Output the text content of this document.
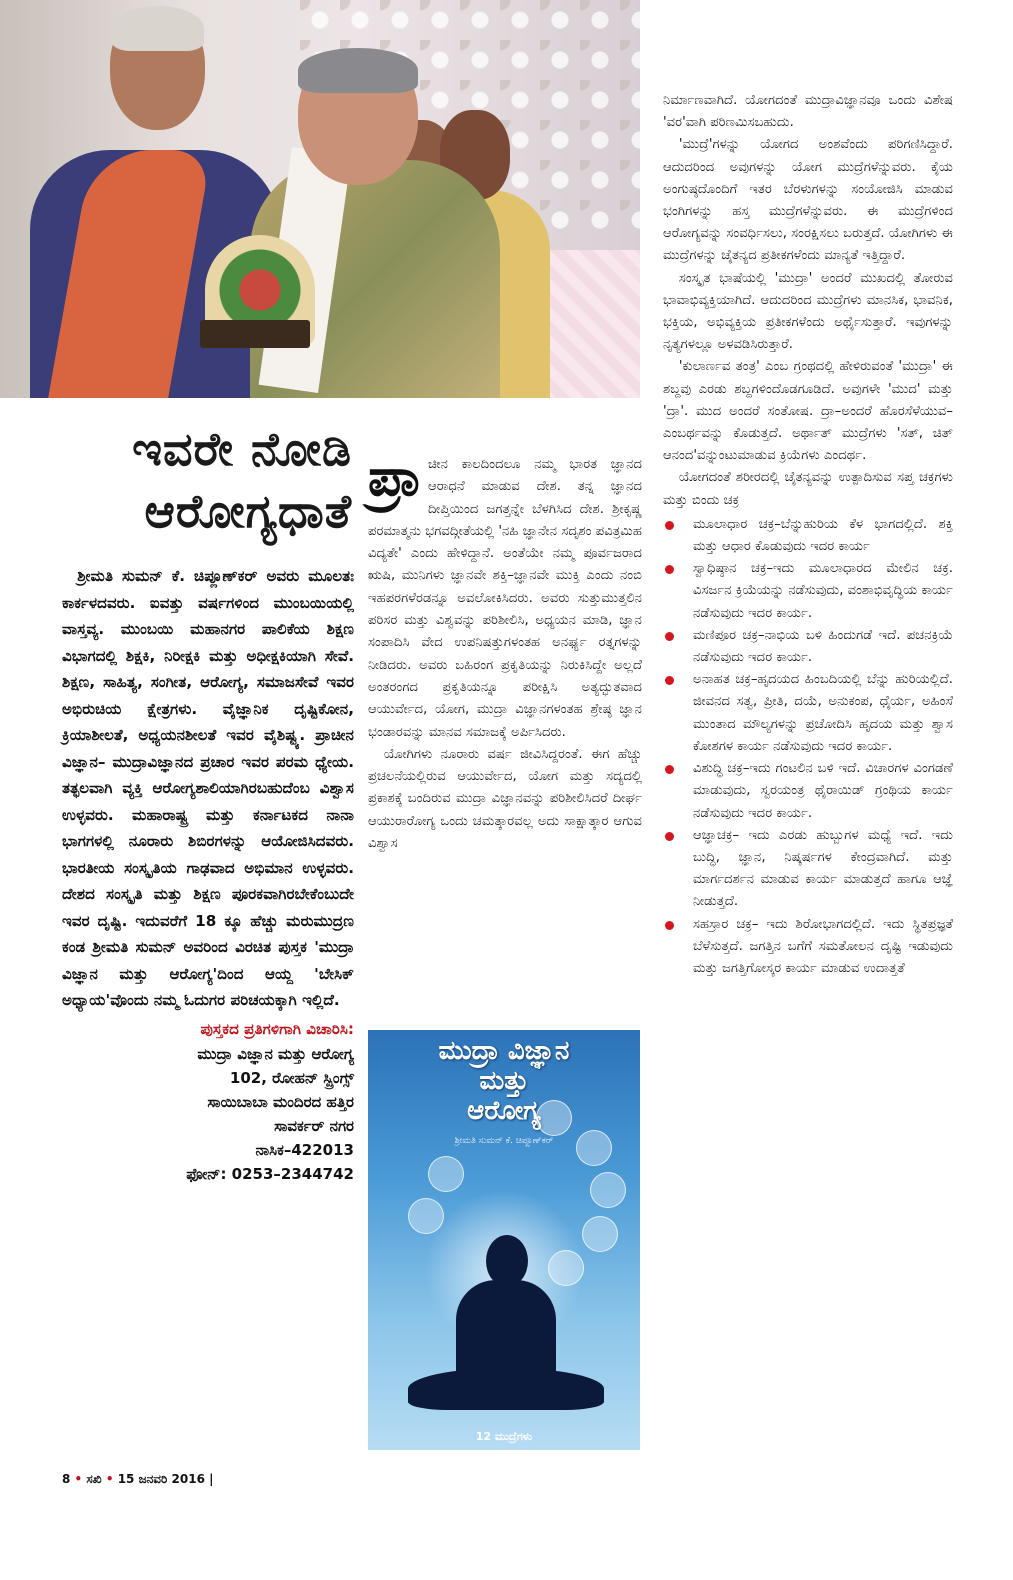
ಇವರೇ ನೋಡಿ
ಆರೋಗ್ಯಧಾತೆ

ಶ್ರೀಮತಿ ಸುಮನ್ ಕೆ. ಚಿಪ್ಲೂಣ್‌ಕರ್ ಅವರು ಮೂಲತಃ ಕಾರ್ಕಳದವರು. ಐವತ್ತು ವರ್ಷಗಳಿಂದ ಮುಂಬಯಿಯಲ್ಲಿ ವಾಸ್ತವ್ಯ. ಮುಂಬಯಿ ಮಹಾನಗರ ಪಾಲಿಕೆಯ ಶಿಕ್ಷಣ ವಿಭಾಗದಲ್ಲಿ ಶಿಕ್ಷಕಿ, ನಿರೀಕ್ಷಕಿ ಮತ್ತು ಅಧೀಕ್ಷಕಿಯಾಗಿ ಸೇವೆ. ಶಿಕ್ಷಣ, ಸಾಹಿತ್ಯ, ಸಂಗೀತ, ಆರೋಗ್ಯ, ಸಮಾಜಸೇವೆ ಇವರ ಅಭಿರುಚಿಯ ಕ್ಷೇತ್ರಗಳು. ವೈಜ್ಞಾನಿಕ ದೃಷ್ಟಿಕೋನ, ಕ್ರಿಯಾಶೀಲತೆ, ಅಧ್ಯಯನಶೀಲತೆ ಇವರ ವೈಶಿಷ್ಟ್ಯ. ಪ್ರಾಚೀನ ವಿಜ್ಞಾನ– ಮುದ್ರಾವಿಜ್ಞಾನದ ಪ್ರಚಾರ ಇವರ ಪರಮ ಧ್ಯೇಯ. ತತ್ಫಲವಾಗಿ ವ್ಯಕ್ತಿ ಆರೋಗ್ಯಶಾಲಿಯಾಗಿರಬಹುದೆಂಬ ವಿಶ್ವಾಸ ಉಳ್ಳವರು. ಮಹಾರಾಷ್ಟ್ರ ಮತ್ತು ಕರ್ನಾಟಕದ ನಾನಾ ಭಾಗಗಳಲ್ಲಿ ನೂರಾರು ಶಿಬಿರಗಳನ್ನು ಆಯೋಜಿಸಿದವರು. ಭಾರತೀಯ ಸಂಸ್ಕೃತಿಯ ಗಾಢವಾದ ಅಭಿಮಾನ ಉಳ್ಳವರು. ದೇಶದ ಸಂಸ್ಕೃತಿ ಮತ್ತು ಶಿಕ್ಷಣ ಪೂರಕವಾಗಿರಬೇಕೆಂಬುದೇ ಇವರ ದೃಷ್ಟಿ. ಇದುವರೆಗೆ 18 ಕ್ಕೂ ಹೆಚ್ಚು ಮರುಮುದ್ರಣ ಕಂಡ ಶ್ರೀಮತಿ ಸುಮನ್ ಅವರಿಂದ ವಿರಚಿತ ಪುಸ್ತಕ 'ಮುದ್ರಾ ವಿಜ್ಞಾನ ಮತ್ತು ಆರೋಗ್ಯ'ದಿಂದ ಆಯ್ದ 'ಬೇಸಿಕ್ ಅಧ್ಯಾಯ'ವೊಂದು ನಮ್ಮ ಓದುಗರ ಪರಿಚಯಕ್ಕಾಗಿ ಇಲ್ಲಿದೆ.

ಪುಸ್ತಕದ ಪ್ರತಿಗಳಿಗಾಗಿ ವಿಚಾರಿಸಿ:
ಮುದ್ರಾ ವಿಜ್ಞಾನ ಮತ್ತು ಆರೋಗ್ಯ
102, ರೋಹನ್ ಸ್ಪ್ರಿಂಗ್ಸ್
ಸಾಯಿಬಾಬಾ ಮಂದಿರದ ಹತ್ತಿರ
ಸಾವರ್ಕರ್ ನಗರ
ನಾಸಿಕ–422013
ಫೋನ್: 0253–2344742

ಪ್ರಾ ಚೀನ ಕಾಲದಿಂದಲೂ ನಮ್ಮ ಭಾರತ ಜ್ಞಾನದ ಆರಾಧನೆ ಮಾಡುವ ದೇಶ. ತನ್ನ ಜ್ಞಾನದ ದೀಪ್ತಿಯಿಂದ ಜಗತ್ತನ್ನೇ ಬೆಳಗಿಸಿದ ದೇಶ. ಶ್ರೀಕೃಷ್ಣ ಪರಮಾತ್ಮನು ಭಗವದ್ಗೀತೆಯಲ್ಲಿ 'ನಹಿ ಜ್ಞಾನೇನ ಸದೃಶಂ ಪವಿತ್ರಮಿಹ ವಿದ್ಯತೇ' ಎಂದು ಹೇಳಿದ್ದಾನೆ. ಅಂತೆಯೇ ನಮ್ಮ ಪೂರ್ವಜರಾದ ಋಷಿ, ಮುನಿಗಳು ಜ್ಞಾನವೇ ಶಕ್ತಿ–ಜ್ಞಾನವೇ ಮುಕ್ತಿ ಎಂದು ನಂಬಿ ಇಹಪರಗಳೆರಡನ್ನೂ ಅವಲೋಕಿಸಿದರು. ಅವರು ಸುತ್ತುಮುತ್ತಲಿನ ಪರಿಸರ ಮತ್ತು ವಿಶ್ವವನ್ನು ಪರಿಶೀಲಿಸಿ, ಅಧ್ಯಯನ ಮಾಡಿ, ಜ್ಞಾನ ಸಂಪಾದಿಸಿ ವೇದ ಉಪನಿಷತ್ತುಗಳಂತಹ ಅನರ್ಘ್ಯ ರತ್ನಗಳನ್ನು ನೀಡಿದರು. ಅವರು ಬಹಿರಂಗ ಪ್ರಕೃತಿಯನ್ನು ನಿರುಕಿಸಿದ್ದೇ ಅಲ್ಲದೆ ಅಂತರಂಗದ ಪ್ರಕೃತಿಯನ್ನೂ ಪರೀಕ್ಷಿಸಿ ಅತ್ಯದ್ಭುತವಾದ ಆಯುರ್ವೇದ, ಯೋಗ, ಮುದ್ರಾ ವಿಜ್ಞಾನಗಳಂತಹ ಶ್ರೇಷ್ಠ ಜ್ಞಾನ ಭಂಡಾರವನ್ನು ಮಾನವ ಸಮಾಜಕ್ಕೆ ಅರ್ಪಿಸಿದರು.

ಯೋಗಿಗಳು ನೂರಾರು ವರ್ಷ ಜೀವಿಸಿದ್ದರಂತೆ. ಈಗ ಹೆಚ್ಚು ಪ್ರಚಲನೆಯಲ್ಲಿರುವ ಆಯುರ್ವೇದ, ಯೋಗ ಮತ್ತು ಸದ್ಯದಲ್ಲಿ ಪ್ರಕಾಶಕ್ಕೆ ಬಂದಿರುವ ಮುದ್ರಾ ವಿಜ್ಞಾನವನ್ನು ಪರಿಶೀಲಿಸಿದರೆ ದೀರ್ಘ ಆಯುರಾರೋಗ್ಯ ಒಂದು ಚಮತ್ಕಾರವಲ್ಲ ಅದು ಸಾಕ್ಷಾತ್ಕಾರ ಆಗುವ ವಿಶ್ವಾಸ

ಮುದ್ರಾ ವಿಜ್ಞಾನ
ಮತ್ತು
ಆರೋಗ್ಯ
ಶ್ರೀಮತಿ ಸುಮನ್ ಕೆ. ಚಿಪ್ಲೂಣ್‌ಕರ್
12 ಮುದ್ರೆಗಳು

ನಿರ್ಮಾಣವಾಗಿದೆ. ಯೋಗದಂತೆ ಮುದ್ರಾವಿಜ್ಞಾನವೂ ಒಂದು ವಿಶೇಷ 'ವರ'ವಾಗಿ ಪರಿಣಮಿಸಬಹುದು.

'ಮುದ್ರೆ'ಗಳನ್ನು ಯೋಗದ ಅಂಶವೆಂದು ಪರಿಗಣಿಸಿದ್ದಾರೆ. ಆದುದರಿಂದ ಅವುಗಳನ್ನು ಯೋಗ ಮುದ್ರೆಗಳೆನ್ನುವರು. ಕೈಯ ಅಂಗುಷ್ಠದೊಂದಿಗೆ ಇತರ ಬೆರಳುಗಳನ್ನು ಸಂಯೋಜಿಸಿ ಮಾಡುವ ಭಂಗಿಗಳನ್ನು ಹಸ್ತ ಮುದ್ರೆಗಳೆನ್ನುವರು. ಈ ಮುದ್ರೆಗಳಿಂದ ಆರೋಗ್ಯವನ್ನು ಸಂವರ್ಧಿಸಲು, ಸಂರಕ್ಷಿಸಲು ಬರುತ್ತದೆ. ಯೋಗಿಗಳು ಈ ಮುದ್ರೆಗಳನ್ನು ಚೈತನ್ಯದ ಪ್ರತೀಕಗಳೆಂದು ಮಾನ್ಯತೆ ಇತ್ತಿದ್ದಾರೆ.

ಸಂಸ್ಕೃತ ಭಾಷೆಯಲ್ಲಿ 'ಮುದ್ರಾ' ಅಂದರೆ ಮುಖದಲ್ಲಿ ತೋರುವ ಭಾವಾಭಿವ್ಯಕ್ತಿಯಾಗಿದೆ. ಆದುದರಿಂದ ಮುದ್ರೆಗಳು ಮಾನಸಿಕ, ಭಾವನಿಕ, ಭಕ್ತಿಯ, ಅಭಿವ್ಯಕ್ತಿಯ ಪ್ರತೀಕಗಳೆಂದು ಅರ್ಥೈಸುತ್ತಾರೆ. ಇವುಗಳನ್ನು ನೃತ್ಯಗಳಲ್ಲೂ ಅಳವಡಿಸಿರುತ್ತಾರೆ.

'ಕುಲಾರ್ಣವ ತಂತ್ರ' ಎಂಬ ಗ್ರಂಥದಲ್ಲಿ ಹೇಳಿರುವಂತೆ 'ಮುದ್ರಾ' ಈ ಶಬ್ದವು ಎರಡು ಶಬ್ದಗಳಿಂದೊಡಗೂಡಿದೆ. ಅವುಗಳೇ 'ಮುದ' ಮತ್ತು 'ದ್ರಾ'. ಮುದ ಅಂದರೆ ಸಂತೋಷ. ದ್ರಾ–ಅಂದರೆ ಹೊರಸೆಳೆಯುವ– ಎಂಬರ್ಥವನ್ನು ಕೊಡುತ್ತದೆ. ಅರ್ಥಾತ್ ಮುದ್ರೆಗಳು 'ಸತ್, ಚಿತ್ ಆನಂದ'ವನ್ನುಂಟುಮಾಡುವ ಕ್ರಿಯೆಗಳು ಎಂದರ್ಥ.

ಯೋಗದಂತೆ ಶರೀರದಲ್ಲಿ ಚೈತನ್ಯವನ್ನು ಉತ್ಪಾದಿಸುವ ಸಪ್ತ ಚಕ್ರಗಳು ಮತ್ತು ಬಿಂದು ಚಕ್ರ

ಮೂಲಾಧಾರ ಚಕ್ರ–ಬೆನ್ನುಹುರಿಯ ಕೆಳ ಭಾಗದಲ್ಲಿದೆ. ಶಕ್ತಿ ಮತ್ತು ಆಧಾರ ಕೊಡುವುದು ಇದರ ಕಾರ್ಯ
ಸ್ವಾಧಿಷ್ಠಾನ ಚಕ್ರ–ಇದು ಮೂಲಾಧಾರದ ಮೇಲಿನ ಚಕ್ರ. ವಿಸರ್ಜನ ಕ್ರಿಯೆಯನ್ನು ನಡೆಸುವುದು, ವಂಶಾಭಿವೃದ್ಧಿಯ ಕಾರ್ಯ ನಡೆಸುವುದು ಇದರ ಕಾರ್ಯ.
ಮಣಿಪೂರ ಚಕ್ರ–ನಾಭಿಯ ಬಳಿ ಹಿಂದುಗಡೆ ಇದೆ. ಪಚನಕ್ರಿಯೆ ನಡೆಸುವುದು ಇದರ ಕಾರ್ಯ.
ಅನಾಹತ ಚಕ್ರ–ಹೃದಯದ ಹಿಂಬದಿಯಲ್ಲಿ ಬೆನ್ನು ಹುರಿಯಲ್ಲಿದೆ. ಜೀವನದ ಸತ್ವ, ಪ್ರೀತಿ, ದಯೆ, ಅನುಕಂಪ, ಧೈರ್ಯ, ಅಹಿಂಸೆ ಮುಂತಾದ ಮೌಲ್ಯಗಳನ್ನು ಪ್ರಚೋದಿಸಿ ಹೃದಯ ಮತ್ತು ಶ್ವಾಸ ಕೋಶಗಳ ಕಾರ್ಯ ನಡೆಸುವುದು ಇದರ ಕಾರ್ಯ.
ವಿಶುದ್ಧಿ ಚಕ್ರ–ಇದು ಗಂಟಲಿನ ಬಳಿ ಇದೆ. ವಿಚಾರಗಳ ವಿಂಗಡಣೆ ಮಾಡುವುದು, ಸ್ವರಯಂತ್ರ ಥೈರಾಯಿಡ್ ಗ್ರಂಥಿಯ ಕಾರ್ಯ ನಡೆಸುವುದು ಇದರ ಕಾರ್ಯ.
ಆಜ್ಞಾಚಕ್ರ– ಇದು ಎರಡು ಹುಬ್ಬುಗಳ ಮಧ್ಯೆ ಇದೆ. ಇದು ಬುದ್ಧಿ, ಜ್ಞಾನ, ನಿಷ್ಕರ್ಷಗಳ ಕೇಂದ್ರವಾಗಿದೆ. ಮತ್ತು ಮಾರ್ಗದರ್ಶನ ಮಾಡುವ ಕಾರ್ಯ ಮಾಡುತ್ತದೆ ಹಾಗೂ ಆಜ್ಞೆ ನೀಡುತ್ತದೆ.
ಸಹಸ್ರಾರ ಚಕ್ರ– ಇದು ಶಿರೋಭಾಗದಲ್ಲಿದೆ. ಇದು ಸ್ಥಿತಪ್ರಜ್ಞತೆ ಬೆಳೆಸುತ್ತದೆ. ಜಗತ್ತಿನ ಬಗೆಗೆ ಸಮತೋಲನ ದೃಷ್ಟಿ ಇಡುವುದು ಮತ್ತು ಜಗತ್ತಿಗೋಸ್ಕರ ಕಾರ್ಯ ಮಾಡುವ ಉದಾತ್ತತೆ
8 • ಸಖಿ • 15 ಜನವರಿ 2016 |
